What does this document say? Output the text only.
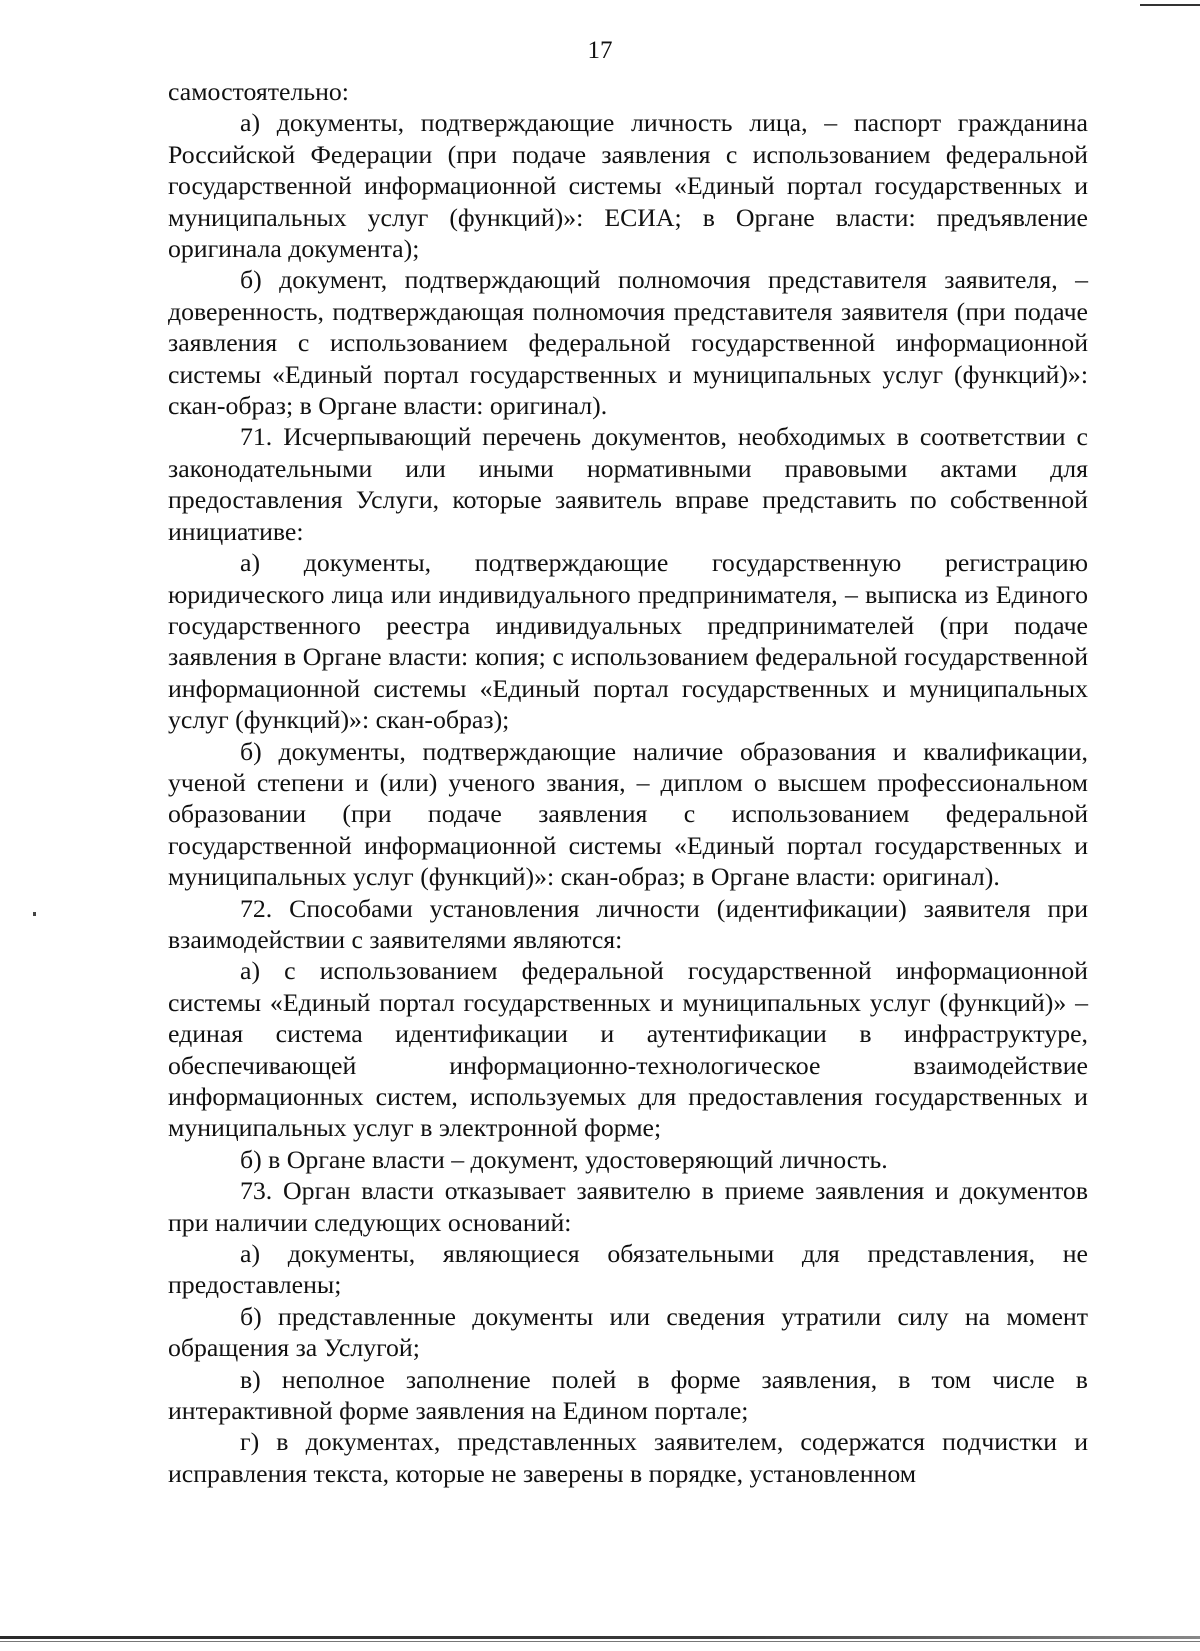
17

самостоятельно:

а) документы, подтверждающие личность лица, – паспорт гражданина Российской Федерации (при подаче заявления с использованием федеральной государственной информационной системы «Единый портал государственных и муниципальных услуг (функций)»: ЕСИА; в Органе власти: предъявление оригинала документа);

б) документ, подтверждающий полномочия представителя заявителя, – доверенность, подтверждающая полномочия представителя заявителя (при подаче заявления с использованием федеральной государственной информационной системы «Единый портал государственных и муниципальных услуг (функций)»: скан-образ; в Органе власти: оригинал).

71. Исчерпывающий перечень документов, необходимых в соответствии с законодательными или иными нормативными правовыми актами для предоставления Услуги, которые заявитель вправе представить по собственной инициативе:

а) документы, подтверждающие государственную регистрацию юридического лица или индивидуального предпринимателя, – выписка из Единого государственного реестра индивидуальных предпринимателей (при подаче заявления в Органе власти: копия; с использованием федеральной государственной информационной системы «Единый портал государственных и муниципальных услуг (функций)»: скан-образ);

б) документы, подтверждающие наличие образования и квалификации, ученой степени и (или) ученого звания, – диплом о высшем профессиональном образовании (при подаче заявления с использованием федеральной государственной информационной системы «Единый портал государственных и муниципальных услуг (функций)»: скан-образ; в Органе власти: оригинал).

72. Способами установления личности (идентификации) заявителя при взаимодействии с заявителями являются:

а) с использованием федеральной государственной информационной системы «Единый портал государственных и муниципальных услуг (функций)» – единая система идентификации и аутентификации в инфраструктуре, обеспечивающей информационно-технологическое взаимодействие информационных систем, используемых для предоставления государственных и муниципальных услуг в электронной форме;

б) в Органе власти – документ, удостоверяющий личность.

73. Орган власти отказывает заявителю в приеме заявления и документов при наличии следующих оснований:

а) документы, являющиеся обязательными для представления, не предоставлены;

б) представленные документы или сведения утратили силу на момент обращения за Услугой;

в) неполное заполнение полей в форме заявления, в том числе в интерактивной форме заявления на Едином портале;

г) в документах, представленных заявителем, содержатся подчистки и исправления текста, которые не заверены в порядке, установленном
